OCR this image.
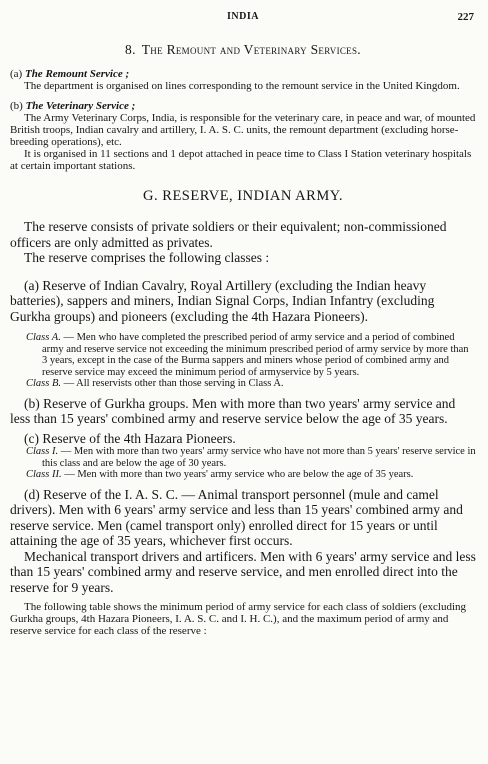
INDIA	227
8. The Remount and Veterinary Services.
(a) The Remount Service ;

The department is organised on lines corresponding to the remount service in the United Kingdom.

(b) The Veterinary Service ;

The Army Veterinary Corps, India, is responsible for the veterinary care, in peace and war, of mounted British troops, Indian cavalry and artillery, I. A. S. C. units, the remount department (excluding horse-breeding operations), etc.

It is organised in 11 sections and 1 depot attached in peace time to Class I Station veterinary hospitals at certain important stations.

G. RESERVE, INDIAN ARMY.

The reserve consists of private soldiers or their equivalent; non-commissioned officers are only admitted as privates.

The reserve comprises the following classes :

(a) Reserve of Indian Cavalry, Royal Artillery (excluding the Indian heavy batteries), sappers and miners, Indian Signal Corps, Indian Infantry (excluding Gurkha groups) and pioneers (excluding the 4th Hazara Pioneers).

Class A. — Men who have completed the prescribed period of army service and a period of combined army and reserve service not exceeding the minimum prescribed period of army service by more than 3 years, except in the case of the Burma sappers and miners whose period of combined army and reserve service may exceed the minimum period of armyservice by 5 years.

Class B. — All reservists other than those serving in Class A.

(b) Reserve of Gurkha groups. Men with more than two years' army service and less than 15 years' combined army and reserve service below the age of 35 years.

(c) Reserve of the 4th Hazara Pioneers.

Class I. — Men with more than two years' army service who have not more than 5 years' reserve service in this class and are below the age of 30 years.

Class II. — Men with more than two years' army service who are below the age of 35 years.

(d) Reserve of the I. A. S. C. — Animal transport personnel (mule and camel drivers). Men with 6 years' army service and less than 15 years' combined army and reserve service. Men (camel transport only) enrolled direct for 15 years or until attaining the age of 35 years, whichever first occurs.

Mechanical transport drivers and artificers. Men with 6 years' army service and less than 15 years' combined army and reserve service, and men enrolled direct into the reserve for 9 years.

The following table shows the minimum period of army service for each class of soldiers (excluding Gurkha groups, 4th Hazara Pioneers, I. A. S. C. and I. H. C.), and the maximum period of army and reserve service for each class of the reserve :
